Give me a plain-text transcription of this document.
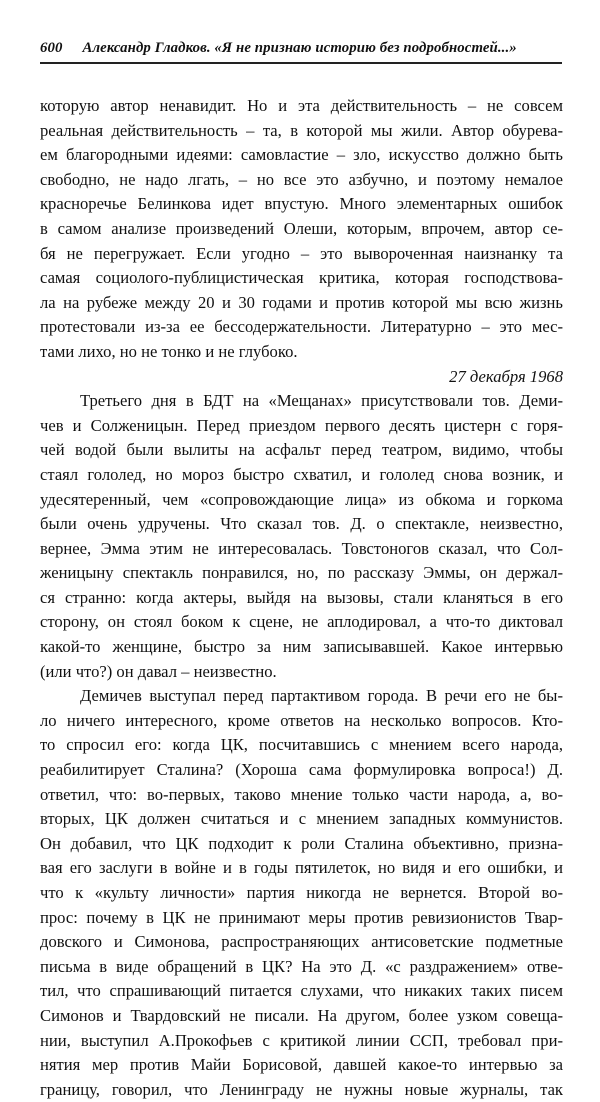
600 Александр Гладков. «Я не признаю историю без подробностей...»
которую автор ненавидит. Но и эта действительность – не совсем
реальная действительность – та, в которой мы жили. Автор обурева-
ем благородными идеями: самовластие – зло, искусство должно быть
свободно, не надо лгать, – но все это азбучно, и поэтому немалое
красноречье Белинкова идет впустую. Много элементарных ошибок
в самом анализе произведений Олеши, которым, впрочем, автор се-
бя не перегружает. Если угодно – это вывороченная наизнанку та
самая социолого-публицистическая критика, которая господствова-
ла на рубеже между 20 и 30 годами и против которой мы всю жизнь
протестовали из-за ее бессодержательности. Литературно – это мес-
тами лихо, но не тонко и не глубоко.
27 декабря 1968
Третьего дня в БДТ на «Мещанах» присутствовали тов. Деми-
чев и Солженицын. Перед приездом первого десять цистерн с горя-
чей водой были вылиты на асфальт перед театром, видимо, чтобы
стаял гололед, но мороз быстро схватил, и гололед снова возник, и
удесятеренный, чем «сопровождающие лица» из обкома и горкома
были очень удручены. Что сказал тов. Д. о спектакле, неизвестно,
вернее, Эмма этим не интересовалась. Товстоногов сказал, что Сол-
женицыну спектакль понравился, но, по рассказу Эммы, он держал-
ся странно: когда актеры, выйдя на вызовы, стали кланяться в его
сторону, он стоял боком к сцене, не аплодировал, а что-то диктовал
какой-то женщине, быстро за ним записывавшей. Какое интервью
(или что?) он давал – неизвестно.
Демичев выступал перед партактивом города. В речи его не бы-
ло ничего интересного, кроме ответов на несколько вопросов. Кто-
то спросил его: когда ЦК, посчитавшись с мнением всего народа,
реабилитирует Сталина? (Хороша сама формулировка вопроса!) Д.
ответил, что: во-первых, таково мнение только части народа, а, во-
вторых, ЦК должен считаться и с мнением западных коммунистов.
Он добавил, что ЦК подходит к роли Сталина объективно, призна-
вая его заслуги в войне и в годы пятилеток, но видя и его ошибки, и
что к «культу личности» партия никогда не вернется. Второй во-
прос: почему в ЦК не принимают меры против ревизионистов Твар-
довского и Симонова, распространяющих антисоветские подметные
письма в виде обращений в ЦК? На это Д. «с раздражением» отве-
тил, что спрашивающий питается слухами, что никаких таких писем
Симонов и Твардовский не писали. На другом, более узком совеща-
нии, выступил А.Прокофьев с критикой линии ССП, требовал при-
нятия мер против Майи Борисовой, давшей какое-то интервью за
границу, говорил, что Ленинграду не нужны новые журналы, так
